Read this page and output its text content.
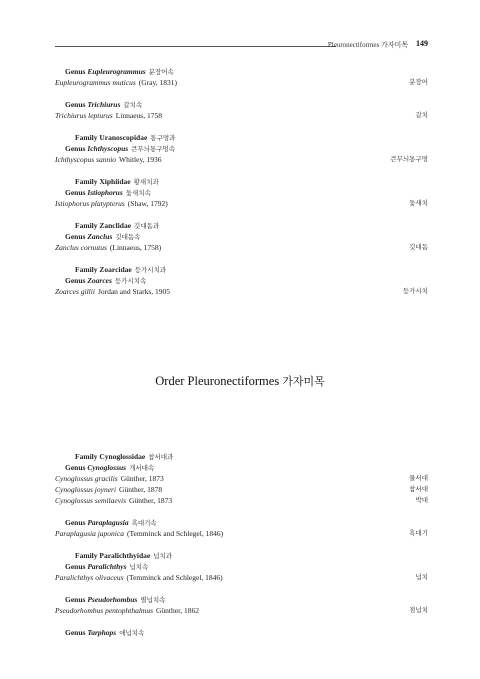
Pleuronectiformes 가자미목 149
Genus Eupleurogrammus 분장어속
Eupleurogrammus muticus (Gray, 1831)	분장어
Genus Trichiurus 갈치속
Trichiurus lepturus Linnaeus, 1758	갈치
Family Uranoscopidae 통구멍과
Genus Ichthyscopus 큰무늬통구멍속
Ichthyscopus sannio Whitley, 1936	큰무늬통구멍
Family Xiphiidae 황새치과
Genus Istiophorus 돛새치속
Istiophorus platypterus (Shaw, 1792)	돛새치
Family Zanclidae 깃대돔과
Genus Zanclus 깃대돔속
Zanclus cornutus (Linnaeus, 1758)	깃대돔
Family Zoarcidae 등가시치과
Genus Zoarces 등가시치속
Zoarces gillii Jordan and Starks, 1905	등가시치
Order Pleuronectiformes 가자미목
Family Cynoglossidae 참서대과
Genus Cynoglossus 개서대속
Cynoglossus gracilis Günther, 1873	물서대
Cynoglossus joyneri Günther, 1878	참서대
Cynoglossus semilaevis Günther, 1873	박대
Genus Paraplagusia 흑대기속
Paraplagusia japonica (Temminck and Schlegel, 1846)	흑대기
Family Paralichthyidae 넙치과
Genus Paralichthys 넙치속
Paralichthys olivaceus (Temminck and Schlegel, 1846)	넙치
Genus Pseudorhombus 별넙치속
Pseudorhombus pentophthalmus Günther, 1862	점넙치
Genus Tarphops 애넙치속
